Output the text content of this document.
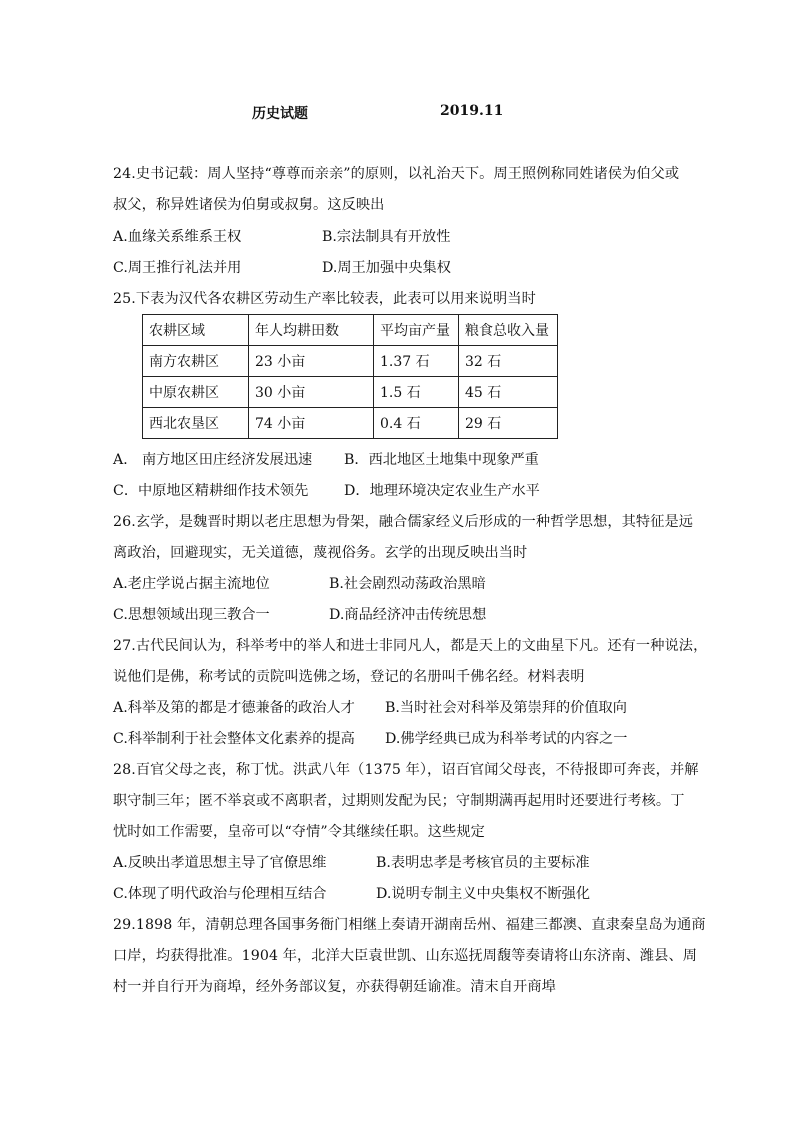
历史试题	2019.11
24.史书记载：周人坚持“尊尊而亲亲”的原则，以礼治天下。周王照例称同姓诸侯为伯父或
叔父，称异姓诸侯为伯舅或叔舅。这反映出
A.血缘关系维系王权	B.宗法制具有开放性
C.周王推行礼法并用	D.周王加强中央集权
25.下表为汉代各农耕区劳动生产率比较表，此表可以用来说明当时
农耕区域	年人均耕田数	平均亩产量	粮食总收入量
南方农耕区	23 小亩	1.37 石	32 石
中原农耕区	30 小亩	1.5 石	45 石
西北农垦区	74 小亩	0.4 石	29 石
A． 南方地区田庄经济发展迅速 B．西北地区土地集中现象严重
C．中原地区精耕细作技术领先	D．地理环境决定农业生产水平
26.玄学，是魏晋时期以老庄思想为骨架，融合儒家经义后形成的一种哲学思想，其特征是远
离政治，回避现实，无关道德，蔑视俗务。玄学的出现反映出当时
A.老庄学说占据主流地位	B.社会剧烈动荡政治黑暗
C.思想领域出现三教合一	D.商品经济冲击传统思想
27.古代民间认为，科举考中的举人和进士非同凡人，都是天上的文曲星下凡。还有一种说法，
说他们是佛，称考试的贡院叫选佛之场，登记的名册叫千佛名经。材料表明
A.科举及第的都是才德兼备的政治人才 B.当时社会对科举及第崇拜的价值取向
C.科举制利于社会整体文化素养的提高 D.佛学经典已成为科举考试的内容之一
28.百官父母之丧，称丁忧。洪武八年（1375 年），诏百官闻父母丧，不待报即可奔丧，并解
职守制三年；匿不举哀或不离职者，过期则发配为民；守制期满再起用时还要进行考核。丁
忧时如工作需要，皇帝可以“夺情”令其继续任职。这些规定
A.反映出孝道思想主导了官僚思维	B.表明忠孝是考核官员的主要标准
C.体现了明代政治与伦理相互结合	D.说明专制主义中央集权不断强化
29.1898 年，清朝总理各国事务衙门相继上奏请开湖南岳州、福建三都澳、直隶秦皇岛为通商
口岸，均获得批准。1904 年，北洋大臣袁世凯、山东巡抚周馥等奏请将山东济南、潍县、周
村一并自行开为商埠，经外务部议复，亦获得朝廷谕准。清末自开商埠
